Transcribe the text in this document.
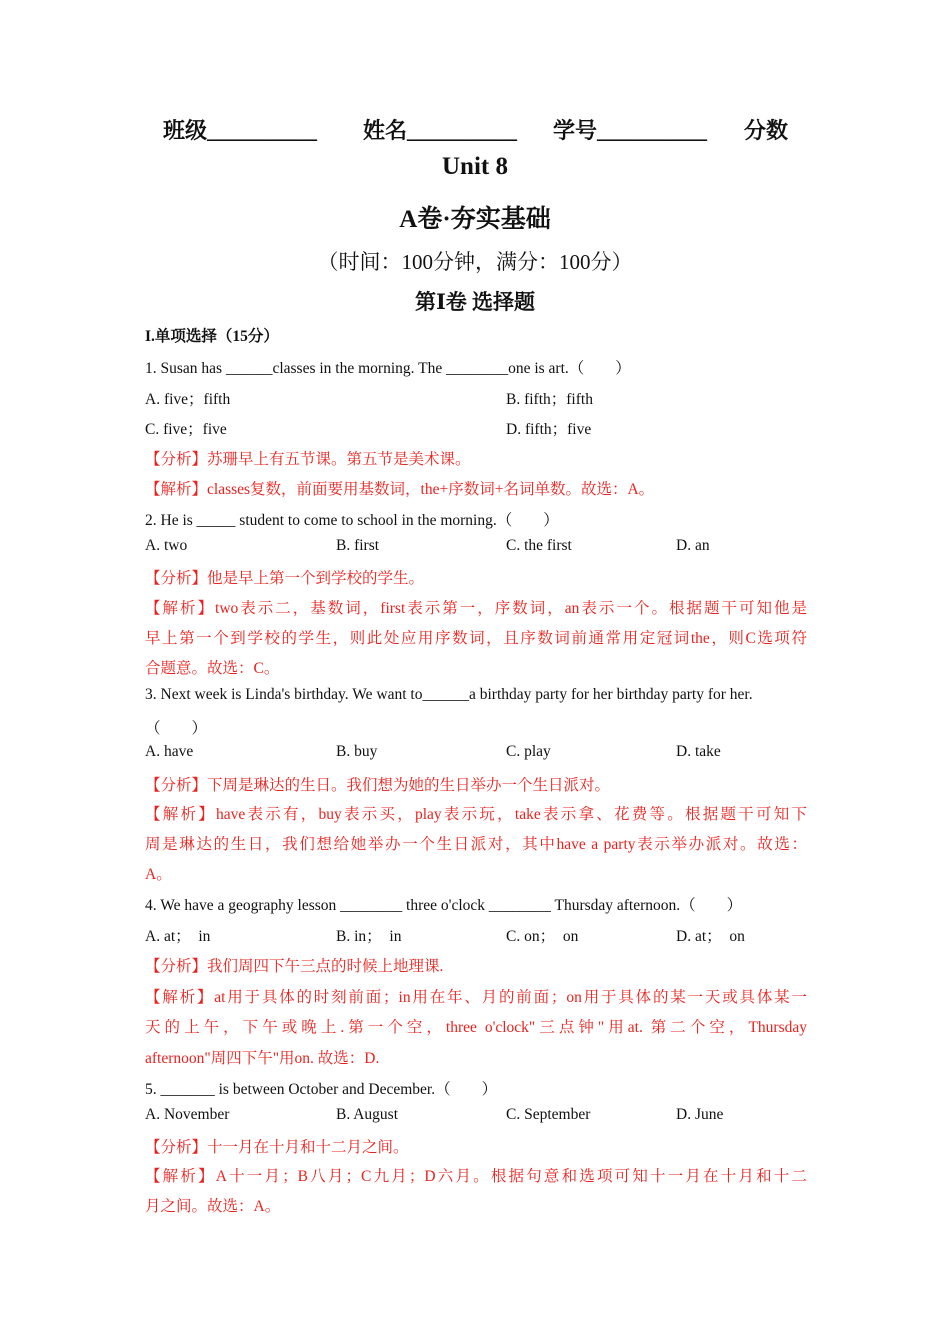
班级__________ 姓名__________ 学号__________ 分数
Unit 8
A卷·夯实基础
（时间：100分钟，满分：100分）
第Ⅰ卷 选择题
I.单项选择（15分）
1. Susan has ______classes in the morning. The ________one is art.（　　）
A. five；fifth	B. fifth；fifth
C. five；five	D. fifth；five
【分析】苏珊早上有五节课。第五节是美术课。
【解析】classes复数，前面要用基数词，the+序数词+名词单数。故选：A。
2. He is _____ student to come to school in the morning.（　　）
A. two	B. first	C. the first	D. an
【分析】他是早上第一个到学校的学生。
【解析】two表示二，基数词，first表示第一，序数词，an表示一个。根据题干可知他是
早上第一个到学校的学生，则此处应用序数词，且序数词前通常用定冠词the，则C选项符
合题意。故选：C。
3. Next week is Linda's birthday. We want to______a birthday party for her birthday party for her.
（　　）
A. have	B. buy	C. play	D. take
【分析】下周是琳达的生日。我们想为她的生日举办一个生日派对。
【解析】have表示有，buy表示买，play表示玩，take表示拿、花费等。根据题干可知下
周是琳达的生日，我们想给她举办一个生日派对，其中have a party表示举办派对。故选：
A。
4. We have a geography lesson ________ three o'clock ________ Thursday afternoon.（　　）
A. at；　in	B. in；　in	C. on；　on	D. at；　on
【分析】我们周四下午三点的时候上地理课.
【解析】at用于具体的时刻前面；in用在年、月的前面；on用于具体的某一天或具体某一
天的上午，下午或晚上.第一个空，three o'clock"三点钟"用at. 第二个空，Thursday
afternoon"周四下午"用on. 故选：D.
5. _______ is between October and December.（　　）
A. November	B. August	C. September	D. June
【分析】十一月在十月和十二月之间。
【解析】A十一月；B八月；C九月；D六月。根据句意和选项可知十一月在十月和十二
月之间。故选：A。
